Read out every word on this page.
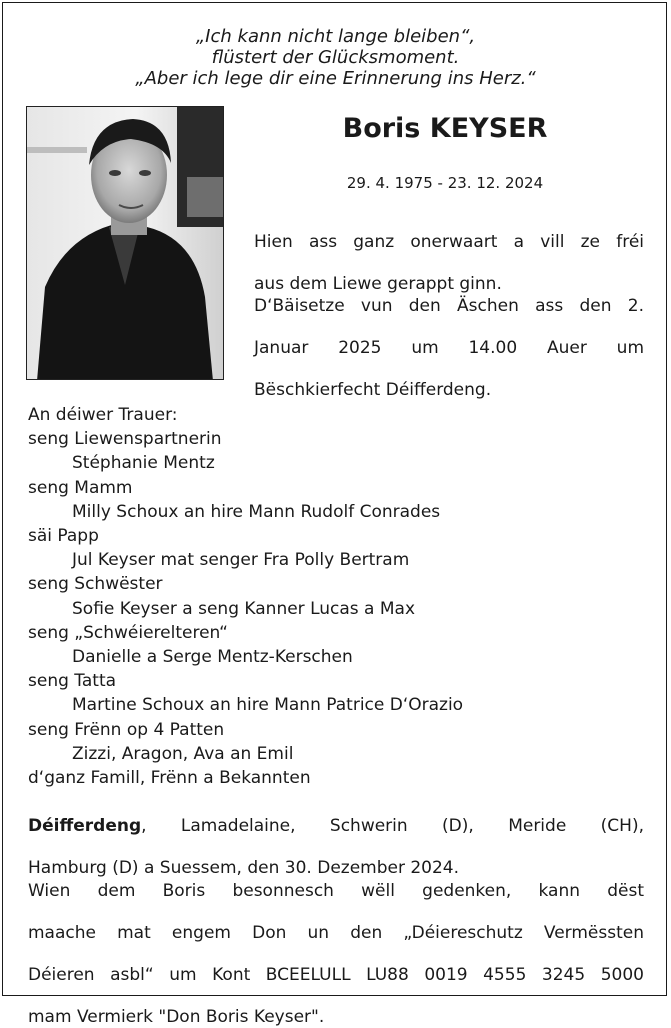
„Ich kann nicht lange bleiben“,
flüstert der Glücksmoment.
„Aber ich lege dir eine Erinnerung ins Herz.“
Boris KEYSER
29. 4. 1975 - 23. 12. 2024
Hien ass ganz onerwaart a vill ze fréi
aus dem Liewe gerappt ginn.
D‘Bäisetze vun den Äschen ass den 2.
Januar 2025 um 14.00 Auer um
Bëschkierfecht Déifferdeng.
An déiwer Trauer:
seng Liewenspartnerin
Stéphanie Mentz
seng Mamm
Milly Schoux an hire Mann Rudolf Conrades
säi Papp
Jul Keyser mat senger Fra Polly Bertram
seng Schwëster
Sofie Keyser a seng Kanner Lucas a Max
seng „Schwéierelteren“
Danielle a Serge Mentz-Kerschen
seng Tatta
Martine Schoux an hire Mann Patrice D‘Orazio
seng Frënn op 4 Patten
Zizzi, Aragon, Ava an Emil
d‘ganz Famill, Frënn a Bekannten
Déifferdeng, Lamadelaine, Schwerin (D), Meride (CH),
Hamburg (D) a Suessem, den 30. Dezember 2024.
Wien dem Boris besonnesch wëll gedenken, kann dëst
maache mat engem Don un den „Déiereschutz Vermëssten
Déieren asbl“ um Kont BCEELULL LU88 0019 4555 3245 5000
mam Vermierk "Don Boris Keyser".
